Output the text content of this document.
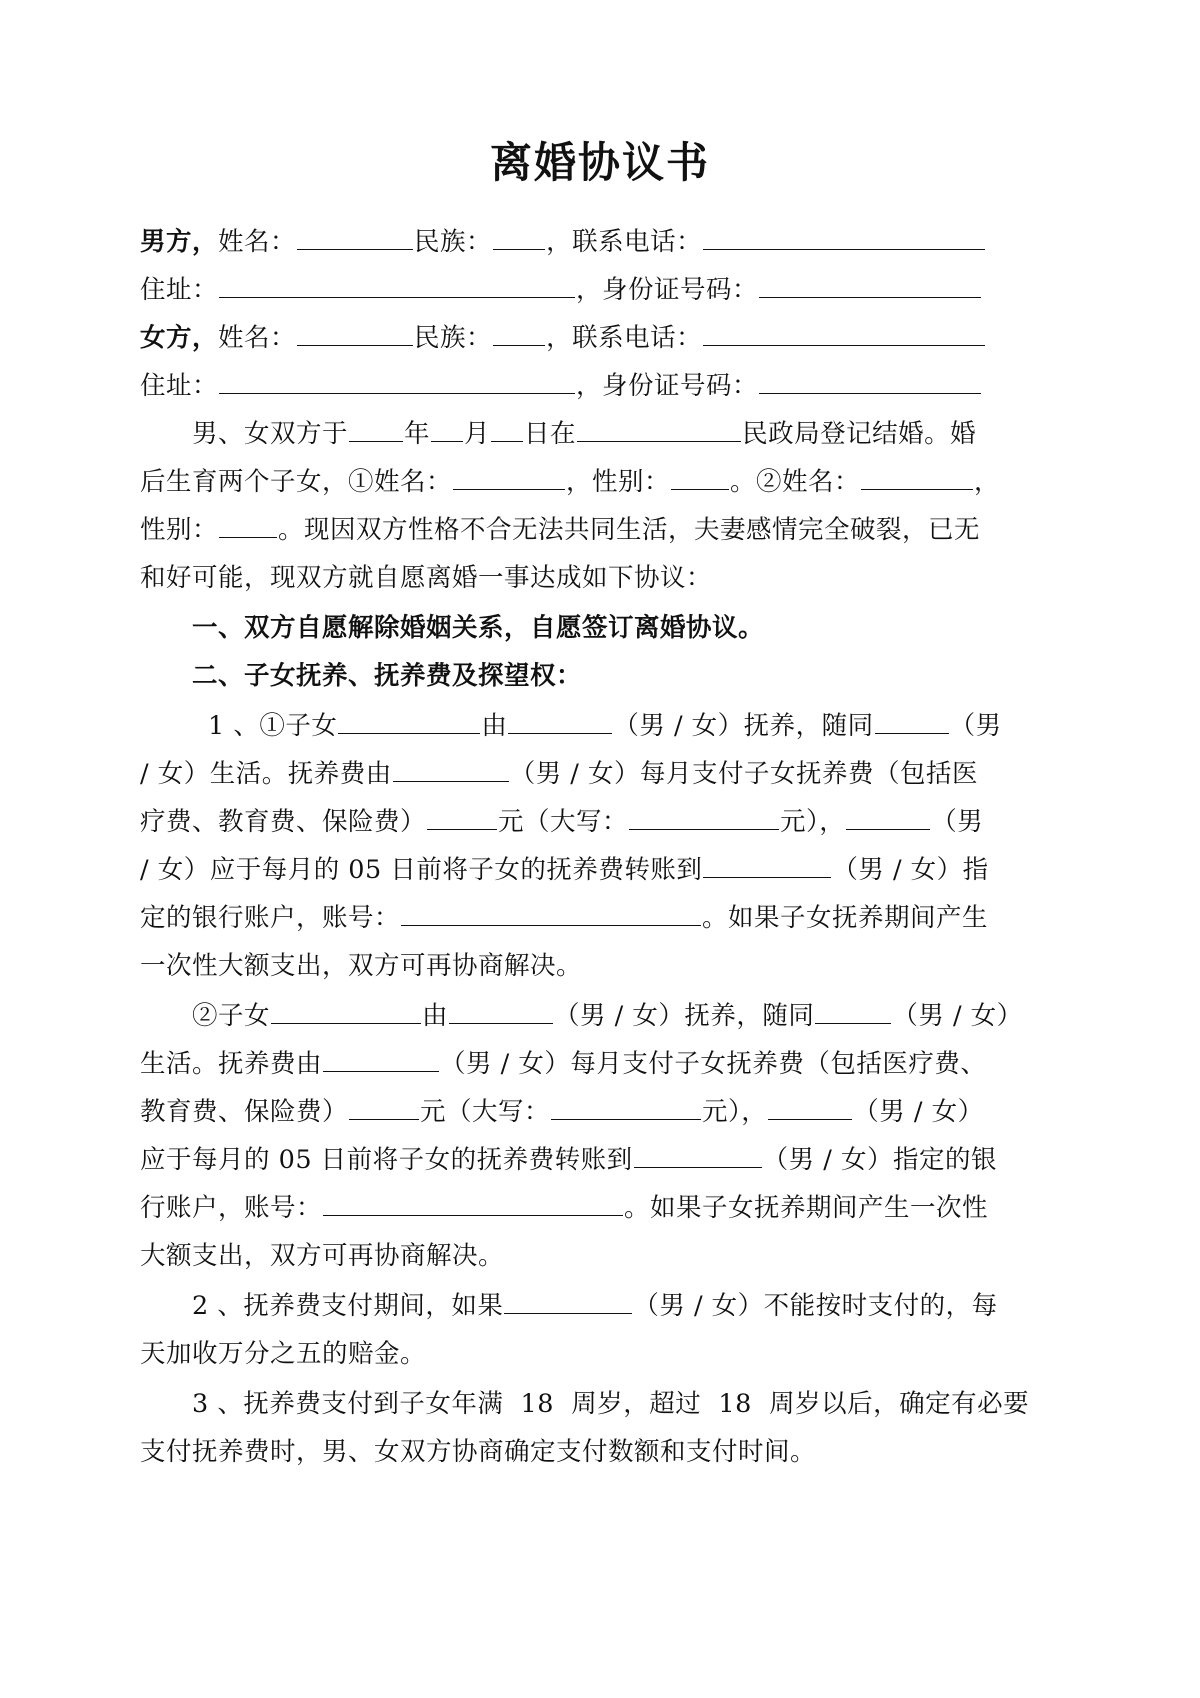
离婚协议书
男方，姓名：	民族： ，联系电话：
住址：	，身份证号码：
女方，姓名：	民族： ，联系电话：
住址：	，身份证号码：
男、女双方于 年 月 日在	民政局登记结婚。婚
后生育两个子女，①姓名：	，性别： 。②姓名：	，
性别： 。现因双方性格不合无法共同生活，夫妻感情完全破裂，已无
和好可能，现双方就自愿离婚一事达成如下协议：
一、双方自愿解除婚姻关系，自愿签订离婚协议。
二、子女抚养、抚养费及探望权：
1 、①子女	由	（男 / 女）抚养，随同	（男
/ 女）生活。抚养费由	（男 / 女）每月支付子女抚养费（包括医
疗费、教育费、保险费）	元（大写：	元），	（男
/ 女）应于每月的 05 日前将子女的抚养费转账到	（男 / 女）指
定的银行账户，账号：	。如果子女抚养期间产生
一次性大额支出，双方可再协商解决。
②子女	由	（男 / 女）抚养，随同	（男 / 女）
生活。抚养费由	（男 / 女）每月支付子女抚养费（包括医疗费、
教育费、保险费）	元（大写：	元），	（男 / 女）
应于每月的 05 日前将子女的抚养费转账到	（男 / 女）指定的银
行账户，账号：	。如果子女抚养期间产生一次性
大额支出，双方可再协商解决。
2 、抚养费支付期间，如果	（男 / 女）不能按时支付的，每
天加收万分之五的赔金。
3 、抚养费支付到子女年满  18  周岁，超过  18  周岁以后，确定有必要
支付抚养费时，男、女双方协商确定支付数额和支付时间。
